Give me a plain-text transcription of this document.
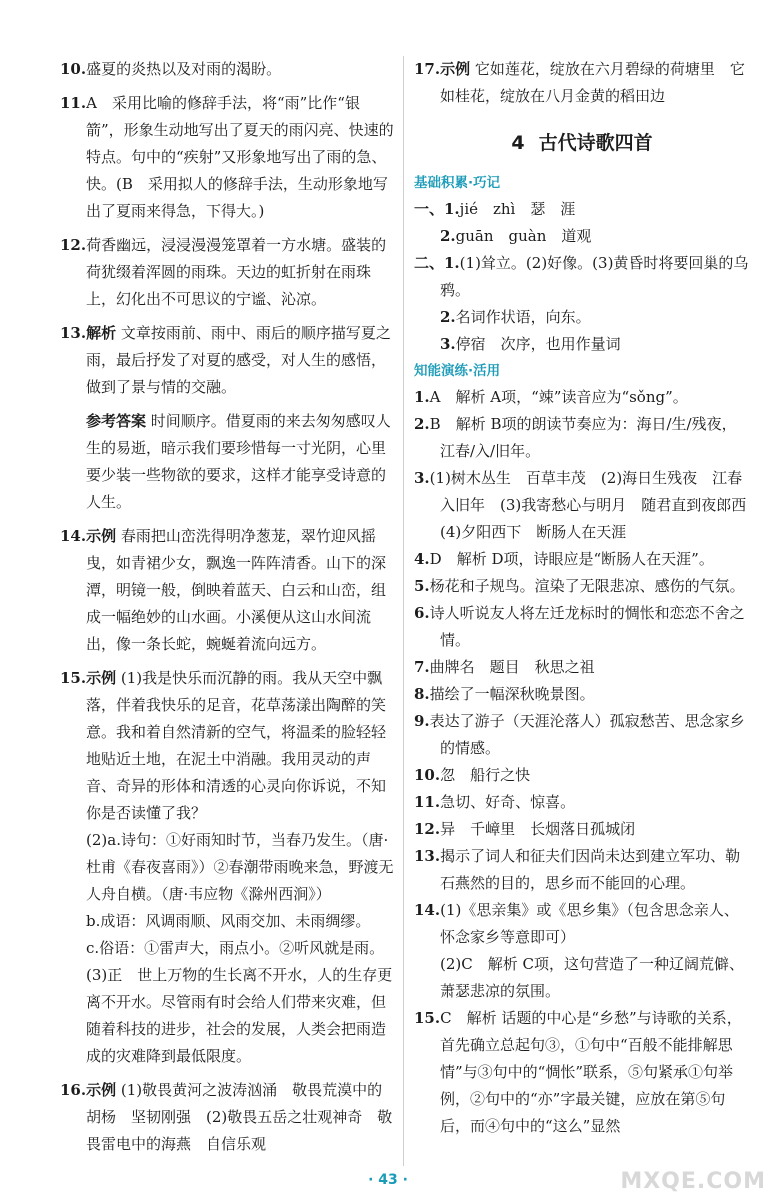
10.盛夏的炎热以及对雨的渴盼。

11.A　采用比喻的修辞手法，将“雨”比作“银箭”，形象生动地写出了夏天的雨闪亮、快速的特点。句中的“疾射”又形象地写出了雨的急、快。(B　采用拟人的修辞手法，生动形象地写出了夏雨来得急，下得大。)

12.荷香幽远，浸浸漫漫笼罩着一方水塘。盛装的荷犹缀着浑圆的雨珠。天边的虹折射在雨珠上，幻化出不可思议的宁谧、沁凉。

13.解析 文章按雨前、雨中、雨后的顺序描写夏之雨，最后抒发了对夏的感受，对人生的感悟，做到了景与情的交融。

参考答案 时间顺序。借夏雨的来去匆匆感叹人生的易逝，暗示我们要珍惜每一寸光阴，心里要少装一些物欲的要求，这样才能享受诗意的人生。

14.示例 春雨把山峦洗得明净葱茏，翠竹迎风摇曳，如青裙少女，飘逸一阵阵清香。山下的深潭，明镜一般，倒映着蓝天、白云和山峦，组成一幅绝妙的山水画。小溪便从这山水间流出，像一条长蛇，蜿蜒着流向远方。

15.示例 (1)我是快乐而沉静的雨。我从天空中飘落，伴着我快乐的足音，花草荡漾出陶醉的笑意。我和着自然清新的空气，将温柔的脸轻轻地贴近土地，在泥土中消融。我用灵动的声音、奇异的形体和清透的心灵向你诉说，不知你是否读懂了我？

(2)a.诗句：①好雨知时节，当春乃发生。（唐·杜甫《春夜喜雨》）②春潮带雨晚来急，野渡无人舟自横。（唐·韦应物《滁州西涧》）

b.成语：风调雨顺、风雨交加、未雨绸缪。

c.俗语：①雷声大，雨点小。②听风就是雨。

(3)正　世上万物的生长离不开水，人的生存更离不开水。尽管雨有时会给人们带来灾难，但随着科技的进步，社会的发展，人类会把雨造成的灾难降到最低限度。

16.示例 (1)敬畏黄河之波涛汹涌　敬畏荒漠中的胡杨　坚韧刚强　(2)敬畏五岳之壮观神奇　敬畏雷电中的海燕　自信乐观

17.示例 它如莲花，绽放在六月碧绿的荷塘里　它如桂花，绽放在八月金黄的稻田边

4 古代诗歌四首

基础积累·巧记

一、1.jié　zhì　瑟　涯

2.guān　guàn　道观

二、1.(1)耸立。(2)好像。(3)黄昏时将要回巢的乌鸦。

2.名词作状语，向东。

3.停宿　次序，也用作量词

知能演练·活用

1.A　解析 A项，“竦”读音应为“sǒng”。

2.B　解析 B项的朗读节奏应为：海日/生/残夜，江春/入/旧年。

3.(1)树木丛生　百草丰茂　(2)海日生残夜　江春入旧年　(3)我寄愁心与明月　随君直到夜郎西　(4)夕阳西下　断肠人在天涯

4.D　解析 D项，诗眼应是“断肠人在天涯”。

5.杨花和子规鸟。渲染了无限悲凉、感伤的气氛。

6.诗人听说友人将左迁龙标时的惆怅和恋恋不舍之情。

7.曲牌名　题目　秋思之祖

8.描绘了一幅深秋晚景图。

9.表达了游子（天涯沦落人）孤寂愁苦、思念家乡的情感。

10.忽　船行之快

11.急切、好奇、惊喜。

12.异　千嶂里　长烟落日孤城闭

13.揭示了词人和征夫们因尚未达到建立军功、勒石燕然的目的，思乡而不能回的心理。

14.(1)《思亲集》或《思乡集》（包含思念亲人、怀念家乡等意即可）

(2)C　解析 C项，这句营造了一种辽阔荒僻、萧瑟悲凉的氛围。

15.C　解析 话题的中心是“乡愁”与诗歌的关系，首先确立总起句③，①句中“百般不能排解思情”与③句中的“惆怅”联系，⑤句紧承①句举例，②句中的“亦”字最关键，应放在第⑤句后，而④句中的“这么”显然

· 43 ·	MXQE.COM
